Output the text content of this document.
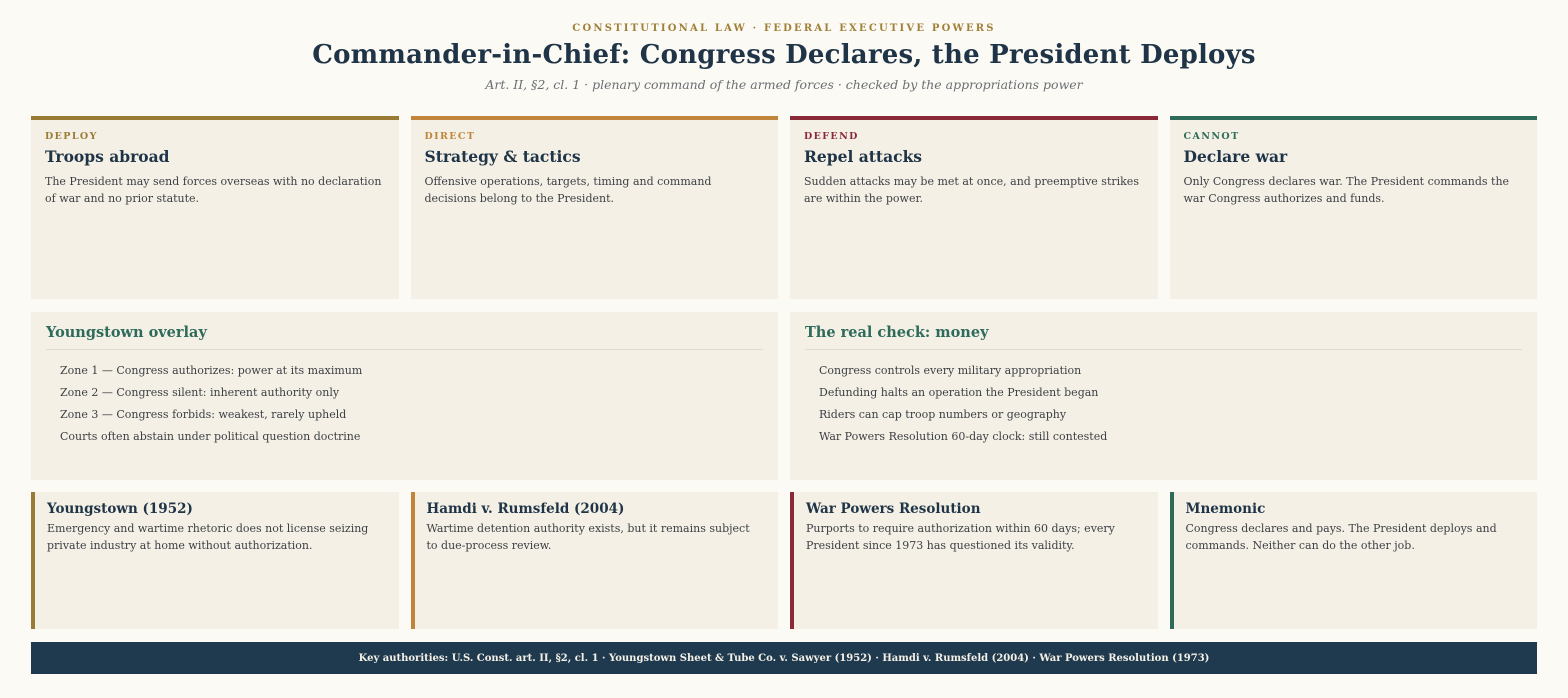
CONSTITUTIONAL LAW · FEDERAL EXECUTIVE POWERS
Commander-in-Chief: Congress Declares, the President Deploys
Art. II, §2, cl. 1 · plenary command of the armed forces · checked by the appropriations power
DEPLOY
Troops abroad
The President may send forces overseas with no declaration of war and no prior statute.
DIRECT
Strategy & tactics
Offensive operations, targets, timing and command decisions belong to the President.
DEFEND
Repel attacks
Sudden attacks may be met at once, and preemptive strikes are within the power.
CANNOT
Declare war
Only Congress declares war. The President commands the war Congress authorizes and funds.
Youngstown overlay
Zone 1 — Congress authorizes: power at its maximum
Zone 2 — Congress silent: inherent authority only
Zone 3 — Congress forbids: weakest, rarely upheld
Courts often abstain under political question doctrine
The real check: money
Congress controls every military appropriation
Defunding halts an operation the President began
Riders can cap troop numbers or geography
War Powers Resolution 60-day clock: still contested
Youngstown (1952)
Emergency and wartime rhetoric does not license seizing private industry at home without authorization.
Hamdi v. Rumsfeld (2004)
Wartime detention authority exists, but it remains subject to due-process review.
War Powers Resolution
Purports to require authorization within 60 days; every President since 1973 has questioned its validity.
Mnemonic
Congress declares and pays. The President deploys and commands. Neither can do the other job.
Key authorities: U.S. Const. art. II, §2, cl. 1 · Youngstown Sheet & Tube Co. v. Sawyer (1952) · Hamdi v. Rumsfeld (2004) · War Powers Resolution (1973)
